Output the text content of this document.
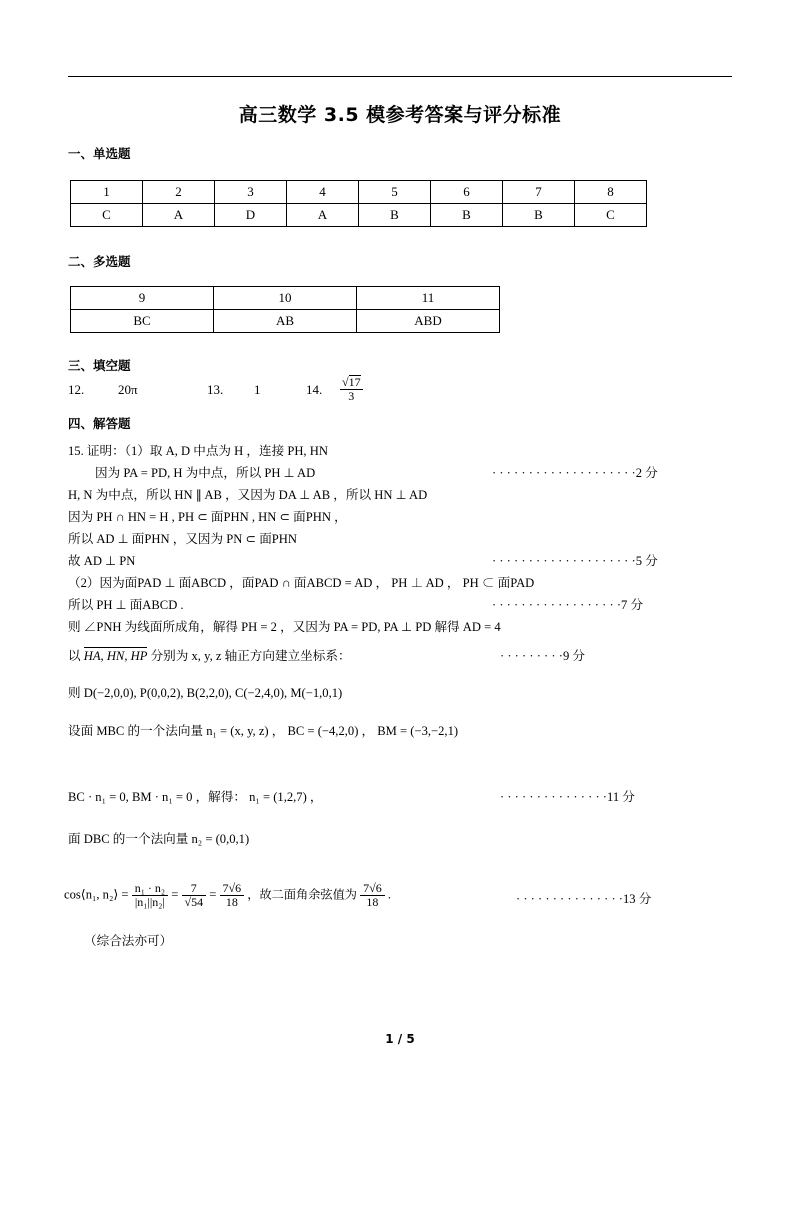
高三数学 3.5 模参考答案与评分标准
一、单选题
1	2	3	4	5	6	7	8
C	A	D	A	B	B	B	C
二、多选题
9	10	11
BC	AB	ABD
三、填空题
12.	20π	13. 1	14. $\frac{√17}{3}$
四、解答题
15. 证明：（1）取 A, D 中点为 H ，连接 PH, HN
因为 PA = PD, H 为中点，所以 PH ⊥ AD	· · · · · · · · · · · · · · · · · · · ·2 分
H, N 为中点，所以 HN ∥ AB ，又因为 DA ⊥ AB ，所以 HN ⊥ AD
因为 PH ∩ HN = H , PH ⊂ 面PHN , HN ⊂ 面PHN ，
所以 AD ⊥ 面PHN ，又因为 PN ⊂ 面PHN
故 AD ⊥ PN	· · · · · · · · · · · · · · · · · · · ·5 分
（2）因为面PAD ⊥ 面ABCD ，面PAD ∩ 面ABCD = AD ， PH ⊥ AD ， PH ⊂ 面PAD
所以 PH ⊥ 面ABCD .	· · · · · · · · · · · · · · · · · ·7 分
则 ∠PNH 为线面所成角，解得 PH = 2 ，又因为 PA = PD, PA ⊥ PD 解得 AD = 4
以 HA, HN, HP 分别为 x, y, z 轴正方向建立坐标系：	· · · · · · · · ·9 分
则 D(−2,0,0), P(0,0,2), B(2,2,0), C(−2,4,0), M(−1,0,1)
设面 MBC 的一个法向量 n₁ = (x, y, z) ， BC = (−4,2,0) ， BM = (−3,−2,1)
BC · n₁ = 0, BM · n₁ = 0 ，解得： n₁ = (1,2,7) ，	· · · · · · · · · · · · · · ·11 分
面 DBC 的一个法向量 n₂ = (0,0,1)
cos⟨n₁, n₂⟩ = $\frac{\text{n₁ · n₂}}{\text{|n₁||n₂|}} = \frac{7}{√54} = \frac{7√6}{18}$ ，故二面角余弦值为 $\frac{7√6}{18}$ .	· · · · · · · · · · · · · · ·13 分
（综合法亦可）
1 / 5
